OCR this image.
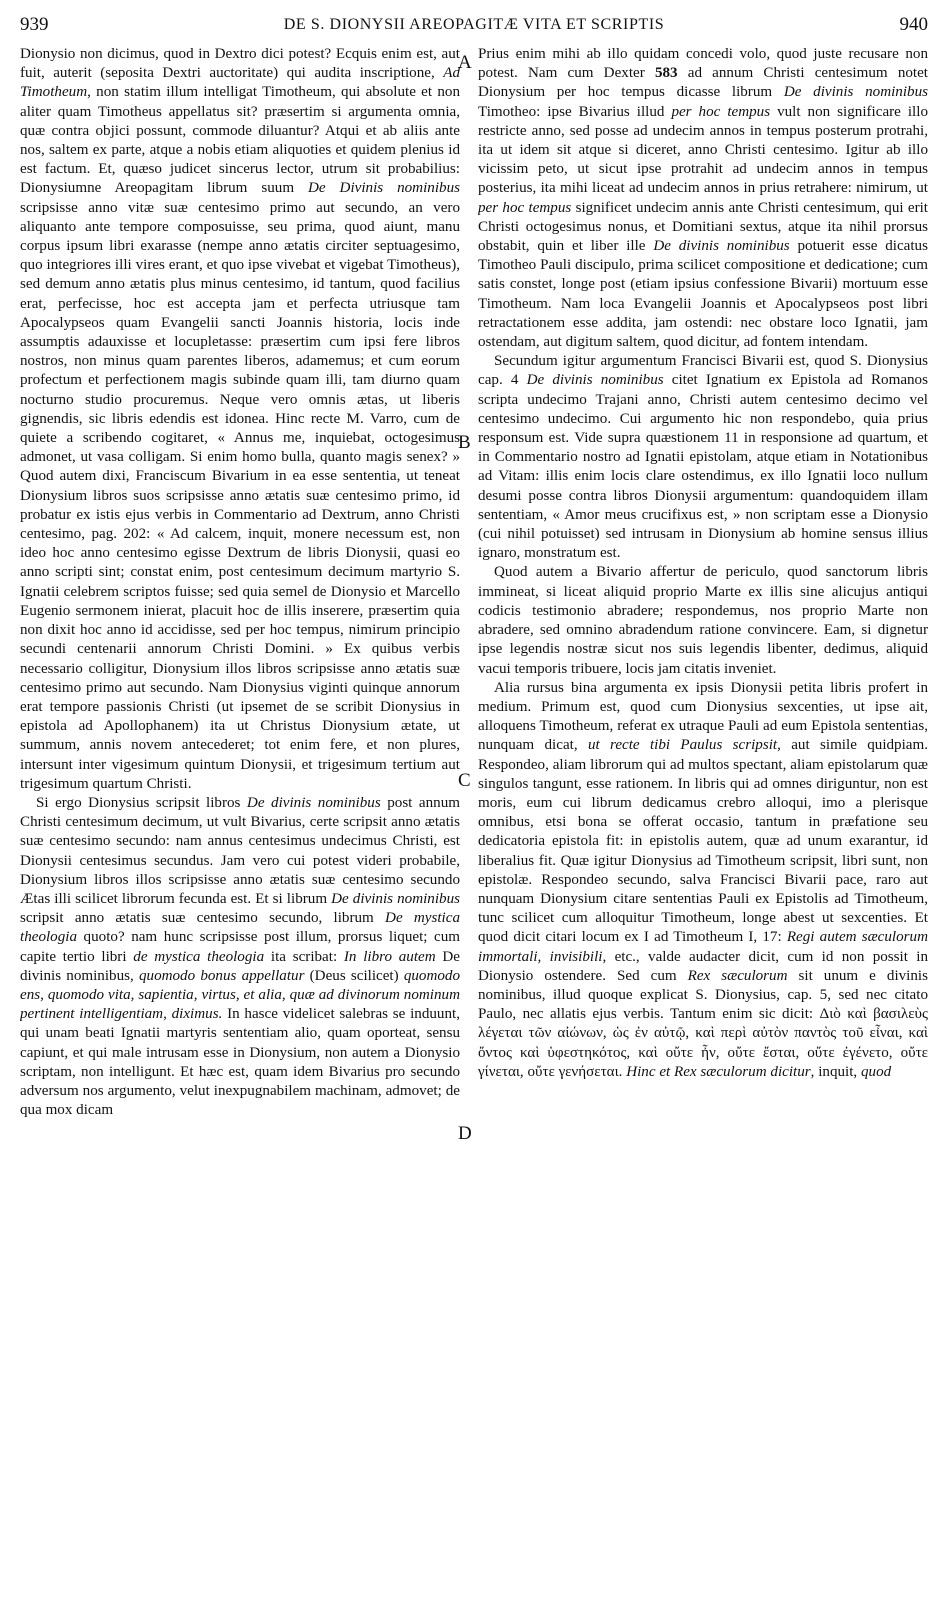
939	DE S. DIONYSII AREOPAGITÆ VITA ET SCRIPTIS	940

Dionysio non dicimus, quod in Dextro dici potest? Ecquis enim est, aut fuit, auterit (seposita Dextri auctoritate) qui audita inscriptione, Ad Timotheum, non statim illum intelligat Timotheum, qui absolute et non aliter quam Timotheus appellatus sit? præsertim si argumenta omnia, quæ contra objici possunt, commode diluantur? Atqui et ab aliis ante nos, saltem ex parte, atque a nobis etiam aliquoties et quidem plenius id est factum. Et, quæso judicet sincerus lector, utrum sit probabilius: Dionysiumne Areopagitam librum suum De Divinis nominibus scripsisse anno vitæ suæ centesimo primo aut secundo, an vero aliquanto ante tempore composuisse, seu prima, quod aiunt, manu corpus ipsum libri exarasse (nempe anno ætatis circiter septuagesimo, quo integriores illi vires erant, et quo ipse vivebat et vigebat Timotheus), sed demum anno ætatis plus minus centesimo, id tantum, quod facilius erat, perfecisse, hoc est accepta jam et perfecta utriusque tam Apocalypseos quam Evangelii sancti Joannis historia, locis inde assumptis adauxisse et locupletasse: præsertim cum ipsi fere libros nostros, non minus quam parentes liberos, adamemus; et cum eorum profectum et perfectionem magis subinde quam illi, tam diurno quam nocturno studio procuremus. Neque vero omnis ætas, ut liberis gignendis, sic libris edendis est idonea. Hinc recte M. Varro, cum de quiete a scribendo cogitaret, « Annus me, inquiebat, octogesimus admonet, ut vasa colligam. Si enim homo bulla, quanto magis senex? » Quod autem dixi, Franciscum Bivarium in ea esse sententia, ut teneat Dionysium libros suos scripsisse anno ætatis suæ centesimo primo, id probatur ex istis ejus verbis in Commentario ad Dextrum, anno Christi centesimo, pag. 202: « Ad calcem, inquit, monere necessum est, non ideo hoc anno centesimo egisse Dextrum de libris Dionysii, quasi eo anno scripti sint; constat enim, post centesimum decimum martyrio S. Ignatii celebrem scriptos fuisse; sed quia semel de Dionysio et Marcello Eugenio sermonem inierat, placuit hoc de illis inserere, præsertim quia non dixit hoc anno id accidisse, sed per hoc tempus, nimirum principio secundi centenarii annorum Christi Domini. » Ex quibus verbis necessario colligitur, Dionysium illos libros scripsisse anno ætatis suæ centesimo primo aut secundo. Nam Dionysius viginti quinque annorum erat tempore passionis Christi (ut ipsemet de se scribit Dionysius in epistola ad Apollophanem) ita ut Christus Dionysium ætate, ut summum, annis novem antecederet; tot enim fere, et non plures, intersunt inter vigesimum quintum Dionysii, et trigesimum tertium aut trigesimum quartum Christi.

Si ergo Dionysius scripsit libros De divinis nominibus post annum Christi centesimum decimum, ut vult Bivarius, certe scripsit anno ætatis suæ centesimo secundo: nam annus centesimus undecimus Christi, est Dionysii centesimus secundus. Jam vero cui potest videri probabile, Dionysium libros illos scripsisse anno ætatis suæ centesimo secundo Ætas illi scilicet librorum fecunda est. Et si librum De divinis nominibus scripsit anno ætatis suæ centesimo secundo, librum De mystica theologia quoto? nam hunc scripsisse post illum, prorsus liquet; cum capite tertio libri de mystica theologia ita scribat: In libro autem De divinis nominibus, quomodo bonus appellatur (Deus scilicet) quomodo ens, quomodo vita, sapientia, virtus, et alia, quæ ad divinorum nominum pertinent intelligentiam, diximus. In hasce videlicet salebras se induunt, qui unam beati Ignatii martyris sententiam alio, quam oporteat, sensu capiunt, et qui male intrusam esse in Dionysium, non autem a Dionysio scriptam, non intelligunt. Et hæc est, quam idem Bivarius pro secundo adversum nos argumento, velut inexpugnabilem machinam, admovet; de qua mox dicam

Prius enim mihi ab illo quidam concedi volo, quod juste recusare non potest. Nam cum Dexter 583 ad annum Christi centesimum notet Dionysium per hoc tempus dicasse librum De divinis nominibus Timotheo: ipse Bivarius illud per hoc tempus vult non significare illo restricte anno, sed posse ad undecim annos in tempus posterum protrahi, ita ut idem sit atque si diceret, anno Christi centesimo. Igitur ab illo vicissim peto, ut sicut ipse protrahit ad undecim annos in tempus posterius, ita mihi liceat ad undecim annos in prius retrahere: nimirum, ut per hoc tempus significet undecim annis ante Christi centesimum, qui erit Christi octogesimus nonus, et Domitiani sextus, atque ita nihil prorsus obstabit, quin et liber ille De divinis nominibus potuerit esse dicatus Timotheo Pauli discipulo, prima scilicet compositione et dedicatione; cum satis constet, longe post (etiam ipsius confessione Bivarii) mortuum esse Timotheum. Nam loca Evangelii Joannis et Apocalypseos post libri retractationem esse addita, jam ostendi: nec obstare loco Ignatii, jam ostendam, aut digitum saltem, quod dicitur, ad fontem intendam.

Secundum igitur argumentum Francisci Bivarii est, quod S. Dionysius cap. 4 De divinis nominibus citet Ignatium ex Epistola ad Romanos scripta undecimo Trajani anno, Christi autem centesimo decimo vel centesimo undecimo. Cui argumento hic non respondebo, quia prius responsum est. Vide supra quæstionem 11 in responsione ad quartum, et in Commentario nostro ad Ignatii epistolam, atque etiam in Notationibus ad Vitam: illis enim locis clare ostendimus, ex illo Ignatii loco nullum desumi posse contra libros Dionysii argumentum: quandoquidem illam sententiam, « Amor meus crucifixus est, » non scriptam esse a Dionysio (cui nihil potuisset) sed intrusam in Dionysium ab homine sensus illius ignaro, monstratum est.

Quod autem a Bivario affertur de periculo, quod sanctorum libris immineat, si liceat aliquid proprio Marte ex illis sine alicujus antiqui codicis testimonio abradere; respondemus, nos proprio Marte non abradere, sed omnino abradendum ratione convincere. Eam, si dignetur ipse legendis nostræ sicut nos suis legendis libenter, dedimus, aliquid vacui temporis tribuere, locis jam citatis inveniet.

Alia rursus bina argumenta ex ipsis Dionysii petita libris profert in medium. Primum est, quod cum Dionysius sexcenties, ut ipse ait, alloquens Timotheum, referat ex utraque Pauli ad eum Epistola sententias, nunquam dicat, ut recte tibi Paulus scripsit, aut simile quidpiam. Respondeo, aliam librorum qui ad multos spectant, aliam epistolarum quæ singulos tangunt, esse rationem. In libris qui ad omnes diriguntur, non est moris, eum cui librum dedicamus crebro alloqui, imo a plerisque omnibus, etsi bona se offerat occasio, tantum in præfatione seu dedicatoria epistola fit: in epistolis autem, quæ ad unum exarantur, id liberalius fit. Quæ igitur Dionysius ad Timotheum scripsit, libri sunt, non epistolæ. Respondeo secundo, salva Francisci Bivarii pace, raro aut nunquam Dionysium citare sententias Pauli ex Epistolis ad Timotheum, tunc scilicet cum alloquitur Timotheum, longe abest ut sexcenties. Et quod dicit citari locum ex I ad Timotheum I, 17: Regi autem sæculorum immortali, invisibili, etc., valde audacter dicit, cum id non possit in Dionysio ostendere. Sed cum Rex sæculorum sit unum e divinis nominibus, illud quoque explicat S. Dionysius, cap. 5, sed nec citato Paulo, nec allatis ejus verbis. Tantum enim sic dicit: Διὸ καὶ βασιλεὺς λέγεται τῶν αἰώνων, ὡς ἐν αὐτῷ, καὶ περὶ αὐτὸν παντὸς τοῦ εἶναι, καὶ ὄντος καὶ ὑφεστηκότος, καὶ οὔτε ἦν, οὔτε ἔσται, οὔτε ἐγένετο, οὔτε γίνεται, οὔτε γενήσεται. Hinc et Rex sæculorum dicitur, inquit, quod

A
B
C
D
